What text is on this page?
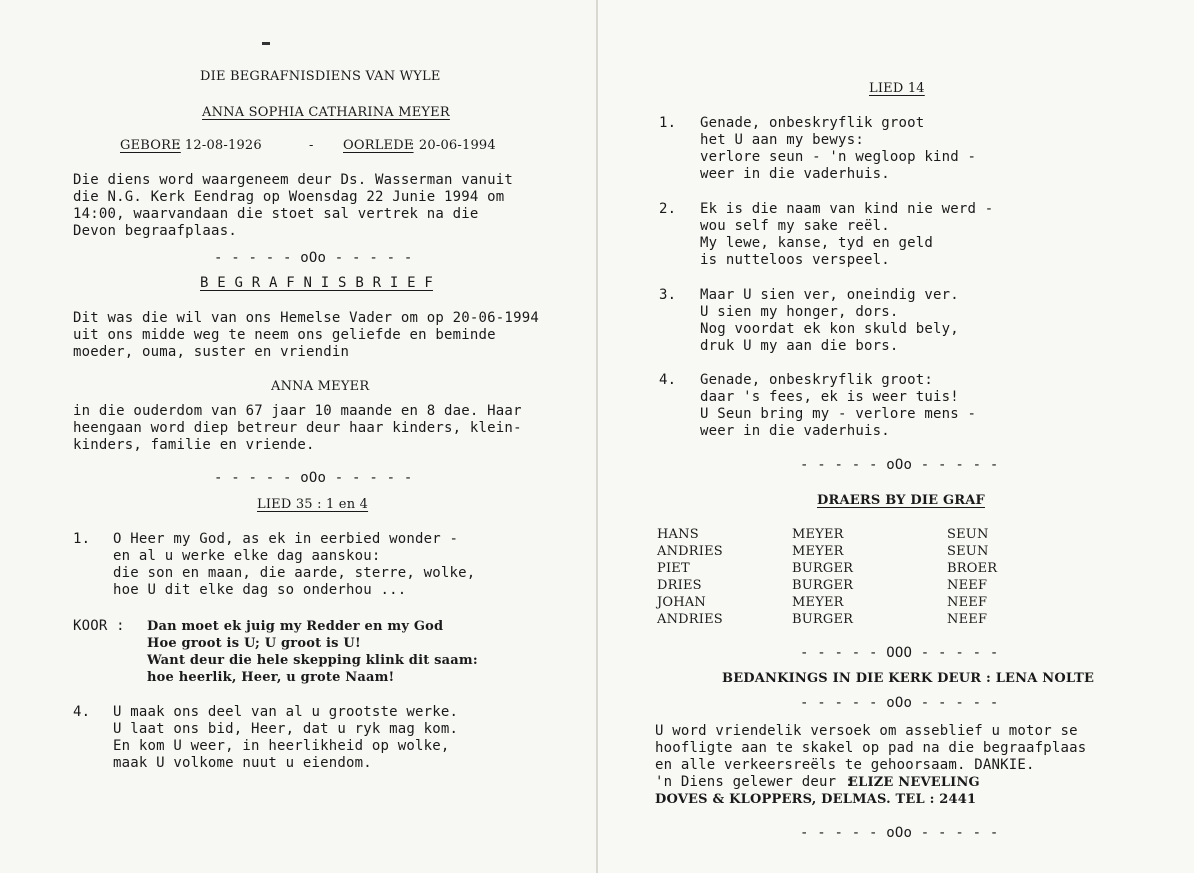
DIE BEGRAFNISDIENS VAN WYLE
ANNA SOPHIA CATHARINA MEYER
GEBORE
: 12-08-1926	- OORLEDE
: 20-06-1994
Die diens word waargeneem deur Ds. Wasserman vanuit
die N.G. Kerk Eendrag op Woensdag 22 Junie 1994 om
14:00, waarvandaan die stoet sal vertrek na die
Devon begraafplaas.
- - - - - oOo - - - - -
B E G R A F N I S B R I E F
Dit was die wil van ons Hemelse Vader om op 20-06-1994
uit ons midde weg te neem ons geliefde en beminde
moeder, ouma, suster en vriendin
ANNA MEYER
in die ouderdom van 67 jaar 10 maande en 8 dae. Haar
heengaan word diep betreur deur haar kinders, klein-
kinders, familie en vriende.
- - - - - oOo - - - - -
LIED 35 : 1 en 4
1. O Heer my God, as ek in eerbied wonder -
en al u werke elke dag aanskou:
die son en maan, die aarde, sterre, wolke,
hoe U dit elke dag so onderhou ...
KOOR : Dan moet ek juig my Redder en my God
Hoe groot is U; U groot is U!
Want deur die hele skepping klink dit saam:
hoe heerlik, Heer, u grote Naam!
4. U maak ons deel van al u grootste werke.
U laat ons bid, Heer, dat u ryk mag kom.
En kom U weer, in heerlikheid op wolke,
maak U volkome nuut u eiendom.
LIED 14
1. Genade, onbeskryflik groot
het U aan my bewys:
verlore seun - 'n wegloop kind -
weer in die vaderhuis.
2. Ek is die naam van kind nie werd -
wou self my sake reël.
My lewe, kanse, tyd en geld
is nutteloos verspeel.
3. Maar U sien ver, oneindig ver.
U sien my honger, dors.
Nog voordat ek kon skuld bely,
druk U my aan die bors.
4. Genade, onbeskryflik groot:
daar 's fees, ek is weer tuis!
U Seun bring my - verlore mens -
weer in die vaderhuis.
- - - - - oOo - - - - -
DRAERS BY DIE GRAF
HANS	MEYER	SEUN
ANDRIES	MEYER	SEUN
PIET	BURGER	BROER
DRIES	BURGER	NEEF
JOHAN	MEYER	NEEF
ANDRIES	BURGER	NEEF
- - - - - OOO - - - - -
BEDANKINGS IN DIE KERK DEUR : LENA NOLTE
- - - - - oOo - - - - -
U word vriendelik versoek om asseblief u motor se
hoofligte aan te skakel op pad na die begraafplaas
en alle verkeersreëls te gehoorsaam. DANKIE.
'n Diens gelewer deur :
ELIZE NEVELING
DOVES & KLOPPERS, DELMAS. TEL : 2441
- - - - - oOo - - - - -
